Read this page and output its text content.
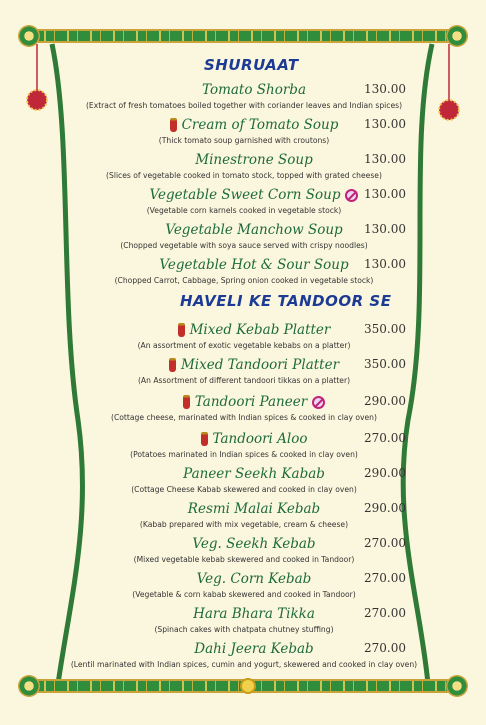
SHURUAAT
Tomato Shorba	130.00
(Extract of fresh tomatoes boiled together with coriander leaves and Indian spices)
Cream of Tomato Soup 130.00
(Thick tomato soup garnished with croutons)
Minestrone Soup	130.00
(Slices of vegetable cooked in tomato stock, topped with grated cheese)
Vegetable Sweet Corn Soup 130.00
(Vegetable corn karnels cooked in vegetable stock)
Vegetable Manchow Soup 130.00
(Chopped vegetable with soya sauce served with crispy noodles)
Vegetable Hot & Sour Soup 130.00
(Chopped Carrot, Cabbage, Spring onion cooked in vegetable stock)
HAVELI KE TANDOOR SE
Mixed Kebab Platter	350.00
(An assortment of exotic vegetable kebabs on a platter)
Mixed Tandoori Platter 350.00
(An Assortment of different tandoori tikkas on a platter)
Tandoori Paneer	290.00
(Cottage cheese, marinated with Indian spices & cooked in clay oven)
Tandoori Aloo	270.00
(Potatoes marinated in Indian spices & cooked in clay oven)
Paneer Seekh Kabab	290.00
(Cottage Cheese Kabab skewered and cooked in clay oven)
Resmi Malai Kebab	290.00
(Kabab prepared with mix vegetable, cream & cheese)
Veg. Seekh Kebab	270.00
(Mixed vegetable kebab skewered and cooked in Tandoor)
Veg. Corn Kebab	270.00
(Vegetable & corn kabab skewered and cooked in Tandoor)
Hara Bhara Tikka	270.00
(Spinach cakes with chatpata chutney stuffing)
Dahi Jeera Kebab	270.00
(Lentil marinated with Indian spices, cumin and yogurt, skewered and cooked in clay oven)
